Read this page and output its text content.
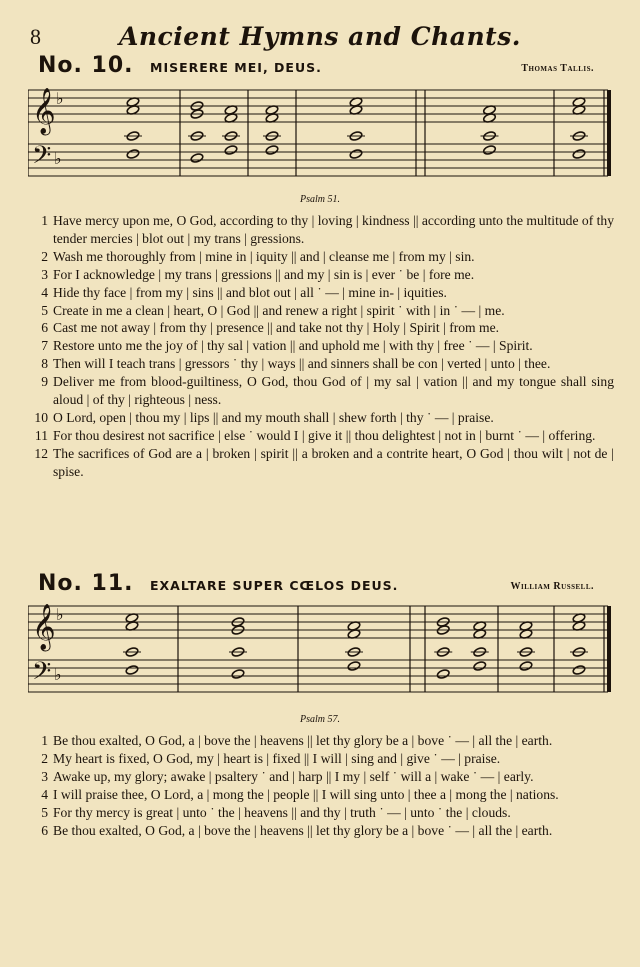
8	Ancient Hymns and Chants.
No. 10. MISERERE MEI, DEUS.	Thomas Tallis.
𝄞
𝄢
♭
♭
Psalm 51.
1 Have mercy upon me, O God, according to thy | loving | kindness || according unto the multitude of thy tender mercies | blot out | my trans | gressions.
2 Wash me thoroughly from | mine in | iquity || and | cleanse me | from my | sin.
3 For I acknowledge | my trans | gressions || and my | sin is | ever ˙ be | fore me.
4 Hide thy face | from my | sins || and blot out | all ˙ — | mine in- | iquities.
5 Create in me a clean | heart, O | God || and renew a right | spirit ˙ with | in ˙ — | me.
6 Cast me not away | from thy | presence || and take not thy | Holy | Spirit | from me.
7 Restore unto me the joy of | thy sal | vation || and uphold me | with thy | free ˙ — | Spirit.
8 Then will I teach trans | gressors ˙ thy | ways || and sinners shall be con | verted | unto | thee.
9 Deliver me from blood-guiltiness, O God, thou God of | my sal | vation || and my tongue shall sing aloud | of thy | righteous | ness.
10 O Lord, open | thou my | lips || and my mouth shall | shew forth | thy ˙ — | praise.
11 For thou desirest not sacrifice | else ˙ would I | give it || thou delightest | not in | burnt ˙ — | offering.
12 The sacrifices of God are a | broken | spirit || a broken and a contrite heart, O God | thou wilt | not de | spise.
No. 11. EXALTARE SUPER CŒLOS DEUS.	William Russell.
𝄞
𝄢
♭
♭
Psalm 57.
1 Be thou exalted, O God, a | bove the | heavens || let thy glory be a | bove ˙ — | all the | earth.
2 My heart is fixed, O God, my | heart is | fixed || I will | sing and | give ˙ — | praise.
3 Awake up, my glory; awake | psaltery ˙ and | harp || I my | self ˙ will a | wake ˙ — | early.
4 I will praise thee, O Lord, a | mong the | people || I will sing unto | thee a | mong the | nations.
5 For thy mercy is great | unto ˙ the | heavens || and thy | truth ˙ — | unto ˙ the | clouds.
6 Be thou exalted, O God, a | bove the | heavens || let thy glory be a | bove ˙ — | all the | earth.
